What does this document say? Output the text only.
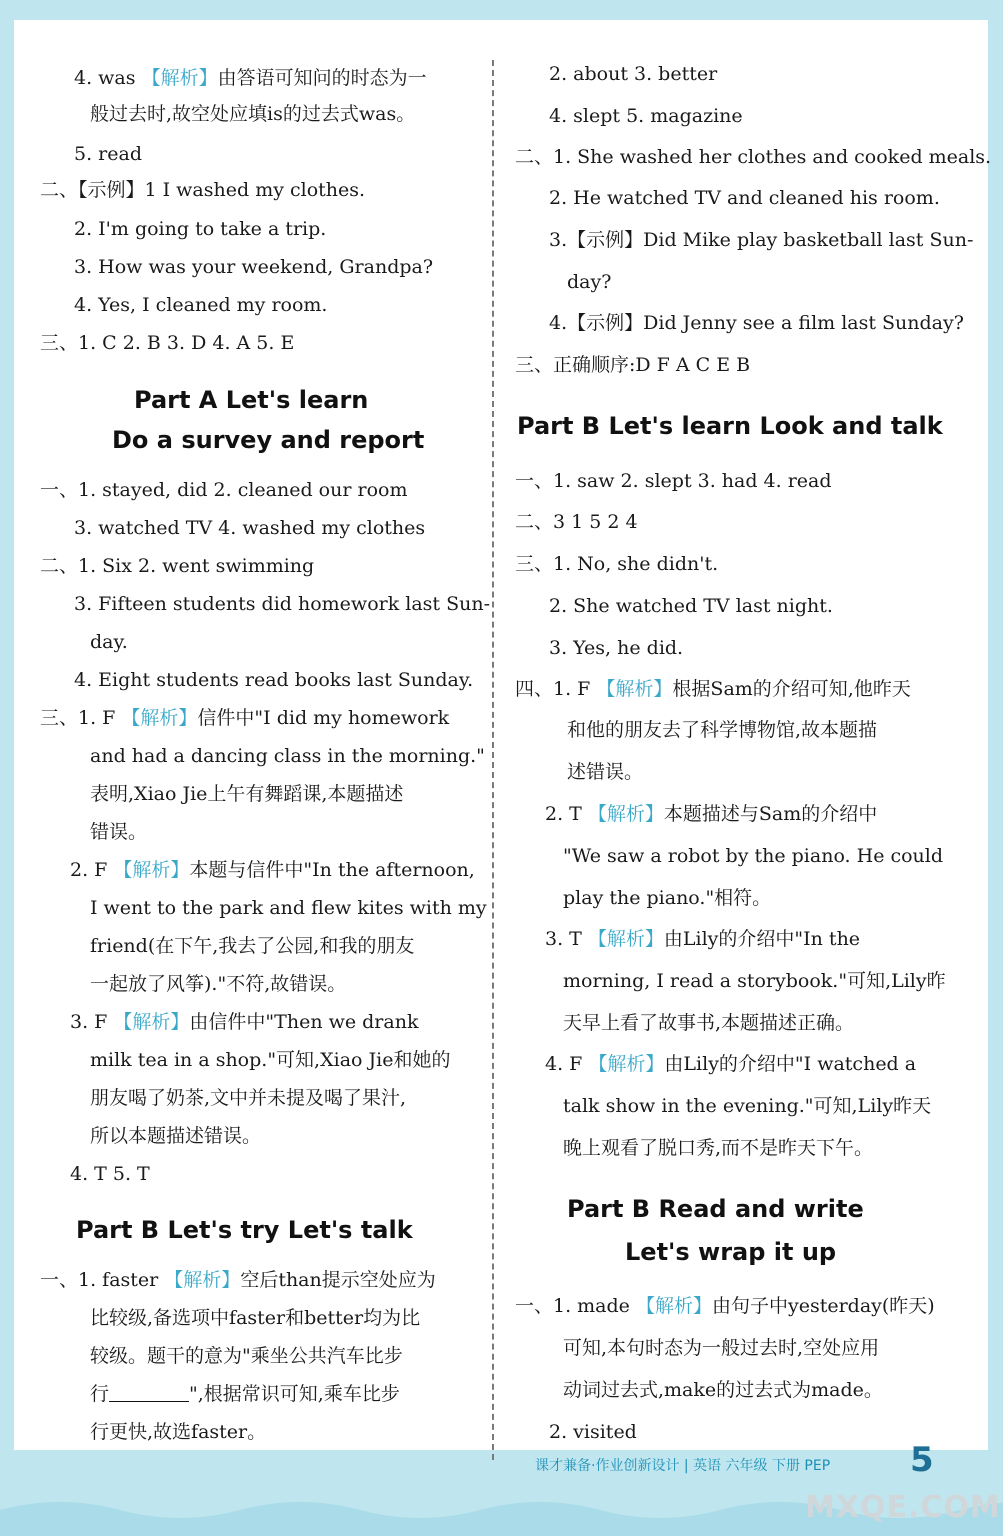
4. was 【解析】由答语可知问的时态为一
般过去时,故空处应填is的过去式was。
5. read
二、【示例】1 I washed my clothes.
2. I'm going to take a trip.
3. How was your weekend, Grandpa?
4. Yes, I cleaned my room.
三、1. C 2. B 3. D 4. A 5. E
Part A Let's learn
Do a survey and report
一、1. stayed, did 2. cleaned our room
3. watched TV 4. washed my clothes
二、1. Six 2. went swimming
3. Fifteen students did homework last Sun-
day.
4. Eight students read books last Sunday.
三、1. F 【解析】信件中"I did my homework
and had a dancing class in the morning."
表明,Xiao Jie上午有舞蹈课,本题描述
错误。
2. F 【解析】本题与信件中"In the afternoon,
I went to the park and flew kites with my
friend(在下午,我去了公园,和我的朋友
一起放了风筝)."不符,故错误。
3. F 【解析】由信件中"Then we drank
milk tea in a shop."可知,Xiao Jie和她的
朋友喝了奶茶,文中并未提及喝了果汁,
所以本题描述错误。
4. T 5. T
Part B Let's try Let's talk
一、1. faster 【解析】空后than提示空处应为
比较级,备选项中faster和better均为比
较级。题干的意为"乘坐公共汽车比步
行	",根据常识可知,乘车比步
行更快,故选faster。
2. about 3. better
4. slept 5. magazine
二、1. She washed her clothes and cooked meals.
2. He watched TV and cleaned his room.
3.【示例】Did Mike play basketball last Sun-
day?
4.【示例】Did Jenny see a film last Sunday?
三、正确顺序:D F A C E B
Part B Let's learn Look and talk
一、1. saw 2. slept 3. had 4. read
二、3 1 5 2 4
三、1. No, she didn't.
2. She watched TV last night.
3. Yes, he did.
四、1. F 【解析】根据Sam的介绍可知,他昨天
和他的朋友去了科学博物馆,故本题描
述错误。
2. T 【解析】本题描述与Sam的介绍中
"We saw a robot by the piano. He could
play the piano."相符。
3. T 【解析】由Lily的介绍中"In the
morning, I read a storybook."可知,Lily昨
天早上看了故事书,本题描述正确。
4. F 【解析】由Lily的介绍中"I watched a
talk show in the evening."可知,Lily昨天
晚上观看了脱口秀,而不是昨天下午。
Part B Read and write
Let's wrap it up
一、1. made 【解析】由句子中yesterday(昨天)
可知,本句时态为一般过去时,空处应用
动词过去式,make的过去式为made。
2. visited
课才兼备·作业创新设计 | 英语 六年级 下册 PEP 5
MXQE.COM
